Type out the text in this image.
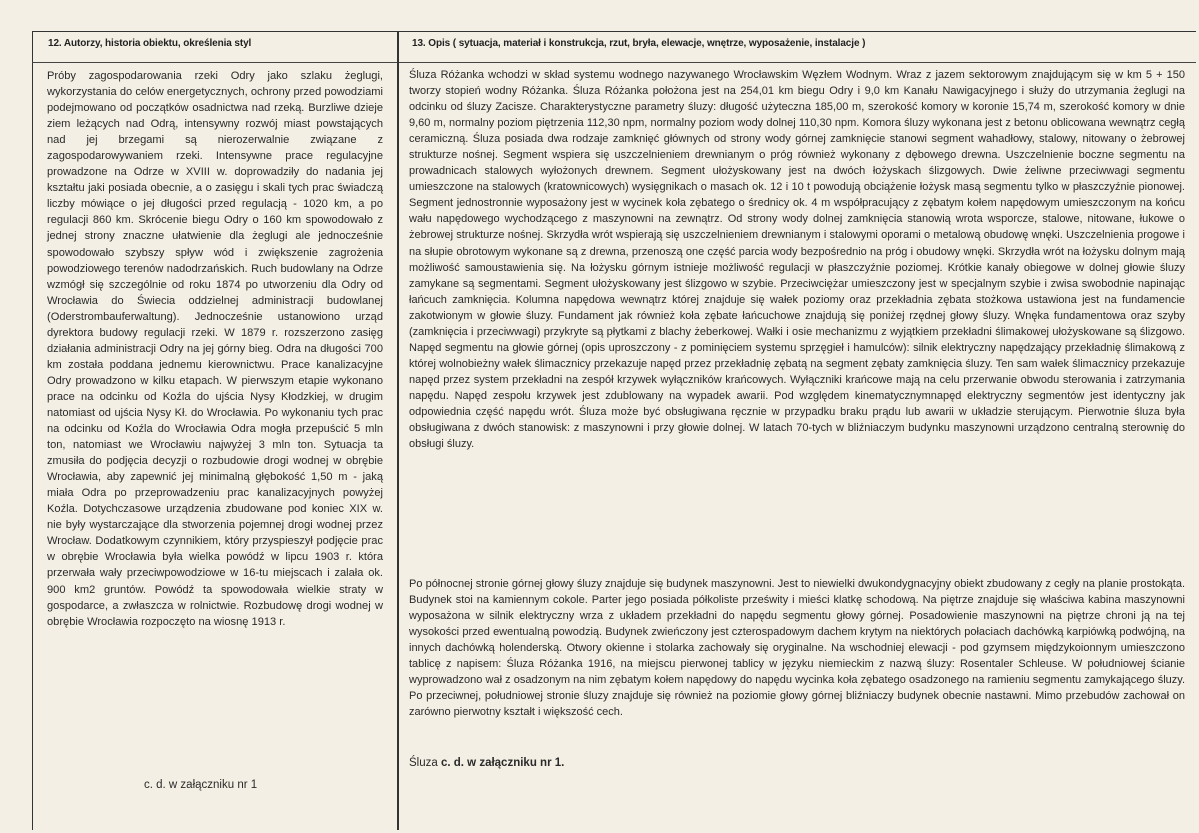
12. Autorzy, historia obiektu, określenia styl	13. Opis ( sytuacja, materiał i konstrukcja, rzut, bryła, elewacje, wnętrze, wyposażenie, instalacje )

Próby zagospodarowania rzeki Odry jako szlaku żeglugi, wykorzystania do celów energetycznych, ochrony przed powodziami podejmowano od początków osadnictwa nad rzeką. Burzliwe dzieje ziem leżących nad Odrą, intensywny rozwój miast powstających nad jej brzegami są nierozerwalnie związane z zagospodarowywaniem rzeki. Intensywne prace regulacyjne prowadzone na Odrze w XVIII w. doprowadziły do nadania jej kształtu jaki posiada obecnie, a o zasięgu i skali tych prac świadczą liczby mówiące o jej długości przed regulacją - 1020 km, a po regulacji 860 km. Skrócenie biegu Odry o 160 km spowodowało z jednej strony znaczne ułatwienie dla żeglugi ale jednocześnie spowodowało szybszy spływ wód i zwiększenie zagrożenia powodziowego terenów nadodrzańskich. Ruch budowlany na Odrze wzmógł się szczególnie od roku 1874 po utworzeniu dla Odry od Wrocławia do Świecia oddzielnej administracji budowlanej (Oderstrombauferwaltung). Jednocześnie ustanowiono urząd dyrektora budowy regulacji rzeki. W 1879 r. rozszerzono zasięg działania administracji Odry na jej górny bieg. Odra na długości 700 km została poddana jednemu kierownictwu. Prace kanalizacyjne Odry prowadzono w kilku etapach. W pierwszym etapie wykonano prace na odcinku od Koźla do ujścia Nysy Kłodzkiej, w drugim natomiast od ujścia Nysy Kł. do Wrocławia. Po wykonaniu tych prac na odcinku od Koźla do Wrocławia Odra mogła przepuścić 5 mln ton, natomiast we Wrocławiu najwyżej 3 mln ton. Sytuacja ta zmusiła do podjęcia decyzji o rozbudowie drogi wodnej w obrębie Wrocławia, aby zapewnić jej minimalną głębokość 1,50 m - jaką miała Odra po przeprowadzeniu prac kanalizacyjnych powyżej Koźla. Dotychczasowe urządzenia zbudowane pod koniec XIX w. nie były wystarczające dla stworzenia pojemnej drogi wodnej przez Wrocław. Dodatkowym czynnikiem, który przyspieszył podjęcie prac w obrębie Wrocławia była wielka powódź w lipcu 1903 r. która przerwała wały przeciwpowodziowe w 16-tu miejscach i zalała ok. 900 km2 gruntów. Powódź ta spowodowała wielkie straty w gospodarce, a zwłaszcza w rolnictwie. Rozbudowę drogi wodnej w obrębie Wrocławia rozpoczęto na wiosnę 1913 r.

c. d. w załączniku nr 1

Śluza Różanka wchodzi w skład systemu wodnego nazywanego Wrocławskim Węzłem Wodnym. Wraz z jazem sektorowym znajdującym się w km 5 + 150 tworzy stopień wodny Różanka. Śluza Różanka położona jest na 254,01 km biegu Odry i 9,0 km Kanału Nawigacyjnego i służy do utrzymania żeglugi na odcinku od śluzy Zacisze. Charakterystyczne parametry śluzy: długość użyteczna 185,00 m, szerokość komory w koronie 15,74 m, szerokość komory w dnie 9,60 m, normalny poziom piętrzenia 112,30 npm, normalny poziom wody dolnej 110,30 npm. Komora śluzy wykonana jest z betonu oblicowana wewnątrz cegłą ceramiczną. Śluza posiada dwa rodzaje zamknięć głównych od strony wody górnej zamknięcie stanowi segment wahadłowy, stalowy, nitowany o żebrowej strukturze nośnej. Segment wspiera się uszczelnieniem drewnianym o próg również wykonany z dębowego drewna. Uszczelnienie boczne segmentu na prowadnicach stalowych wyłożonych drewnem. Segment ułożyskowany jest na dwóch łożyskach ślizgowych. Dwie żeliwne przeciwwagi segmentu umieszczone na stalowych (kratownicowych) wysięgnikach o masach ok. 12 i 10 t powodują obciążenie łożysk masą segmentu tylko w płaszczyźnie pionowej. Segment jednostronnie wyposażony jest w wycinek koła zębatego o średnicy ok. 4 m współpracujący z zębatym kołem napędowym umieszczonym na końcu wału napędowego wychodzącego z maszynowni na zewnątrz. Od strony wody dolnej zamknięcia stanowią wrota wsporcze, stalowe, nitowane, łukowe o żebrowej strukturze nośnej. Skrzydła wrót wspierają się uszczelnieniem drewnianym i stalowymi oporami o metalową obudowę wnęki. Uszczelnienia progowe i na słupie obrotowym wykonane są z drewna, przenoszą one część parcia wody bezpośrednio na próg i obudowy wnęki. Skrzydła wrót na łożysku dolnym mają możliwość samoustawienia się. Na łożysku górnym istnieje możliwość regulacji w płaszczyźnie poziomej. Krótkie kanały obiegowe w dolnej głowie śluzy zamykane są segmentami. Segment ułożyskowany jest ślizgowo w szybie. Przeciwciężar umieszczony jest w specjalnym szybie i zwisa swobodnie napinając łańcuch zamknięcia. Kolumna napędowa wewnątrz której znajduje się wałek poziomy oraz przekładnia zębata stożkowa ustawiona jest na fundamencie zakotwionym w głowie śluzy. Fundament jak również koła zębate łańcuchowe znajdują się poniżej rzędnej głowy śluzy. Wnęka fundamentowa oraz szyby (zamknięcia i przeciwwagi) przykryte są płytkami z blachy żeberkowej. Wałki i osie mechanizmu z wyjątkiem przekładni ślimakowej ułożyskowane są ślizgowo. Napęd segmentu na głowie górnej (opis uproszczony - z pominięciem systemu sprzęgieł i hamulców): silnik elektryczny napędzający przekładnię ślimakową z której wolnobieżny wałek ślimacznicy przekazuje napęd przez przekładnię zębatą na segment zębaty zamknięcia śluzy. Ten sam wałek ślimacznicy przekazuje napęd przez system przekładni na zespół krzywek wyłączników krańcowych. Wyłączniki krańcowe mają na celu przerwanie obwodu sterowania i zatrzymania napędu. Napęd zespołu krzywek jest zdublowany na wypadek awarii. Pod względem kinematycznymnapęd elektryczny segmentów jest identyczny jak odpowiednia część napędu wrót. Śluza może być obsługiwana ręcznie w przypadku braku prądu lub awarii w układzie sterującym. Pierwotnie śluza była obsługiwana z dwóch stanowisk: z maszynowni i przy głowie dolnej. W latach 70-tych w bliźniaczym budynku maszynowni urządzono centralną sterownię do obsługi śluzy.

Po północnej stronie górnej głowy śluzy znajduje się budynek maszynowni. Jest to niewielki dwukondygnacyjny obiekt zbudowany z cegły na planie prostokąta. Budynek stoi na kamiennym cokole. Parter jego posiada półkoliste prześwity i mieści klatkę schodową. Na piętrze znajduje się właściwa kabina maszynowni wyposażona w silnik elektryczny wrza z układem przekładni do napędu segmentu głowy górnej. Posadowienie maszynowni na piętrze chroni ją na tej wysokości przed ewentualną powodzią. Budynek zwieńczony jest czterospadowym dachem krytym na niektórych połaciach dachówką karpiówką podwójną, na innych dachówką holenderską. Otwory okienne i stolarka zachowały się oryginalne. Na wschodniej elewacji - pod gzymsem międzykoionnym umieszczono tablicę z napisem: Śluza Różanka 1916, na miejscu pierwonej tablicy w języku niemieckim z nazwą śluzy: Rosentaler Schleuse. W południowej ścianie wyprowadzono wał z osadzonym na nim zębatym kołem napędowy do napędu wycinka koła zębatego osadzonego na ramieniu segmentu zamykającego śluzy. Po przeciwnej, południowej stronie śluzy znajduje się również na poziomie głowy górnej bliźniaczy budynek obecnie nastawni. Mimo przebudów zachował on zarówno pierwotny kształt i większość cech.

Śluza c. d. w załączniku nr 1.
